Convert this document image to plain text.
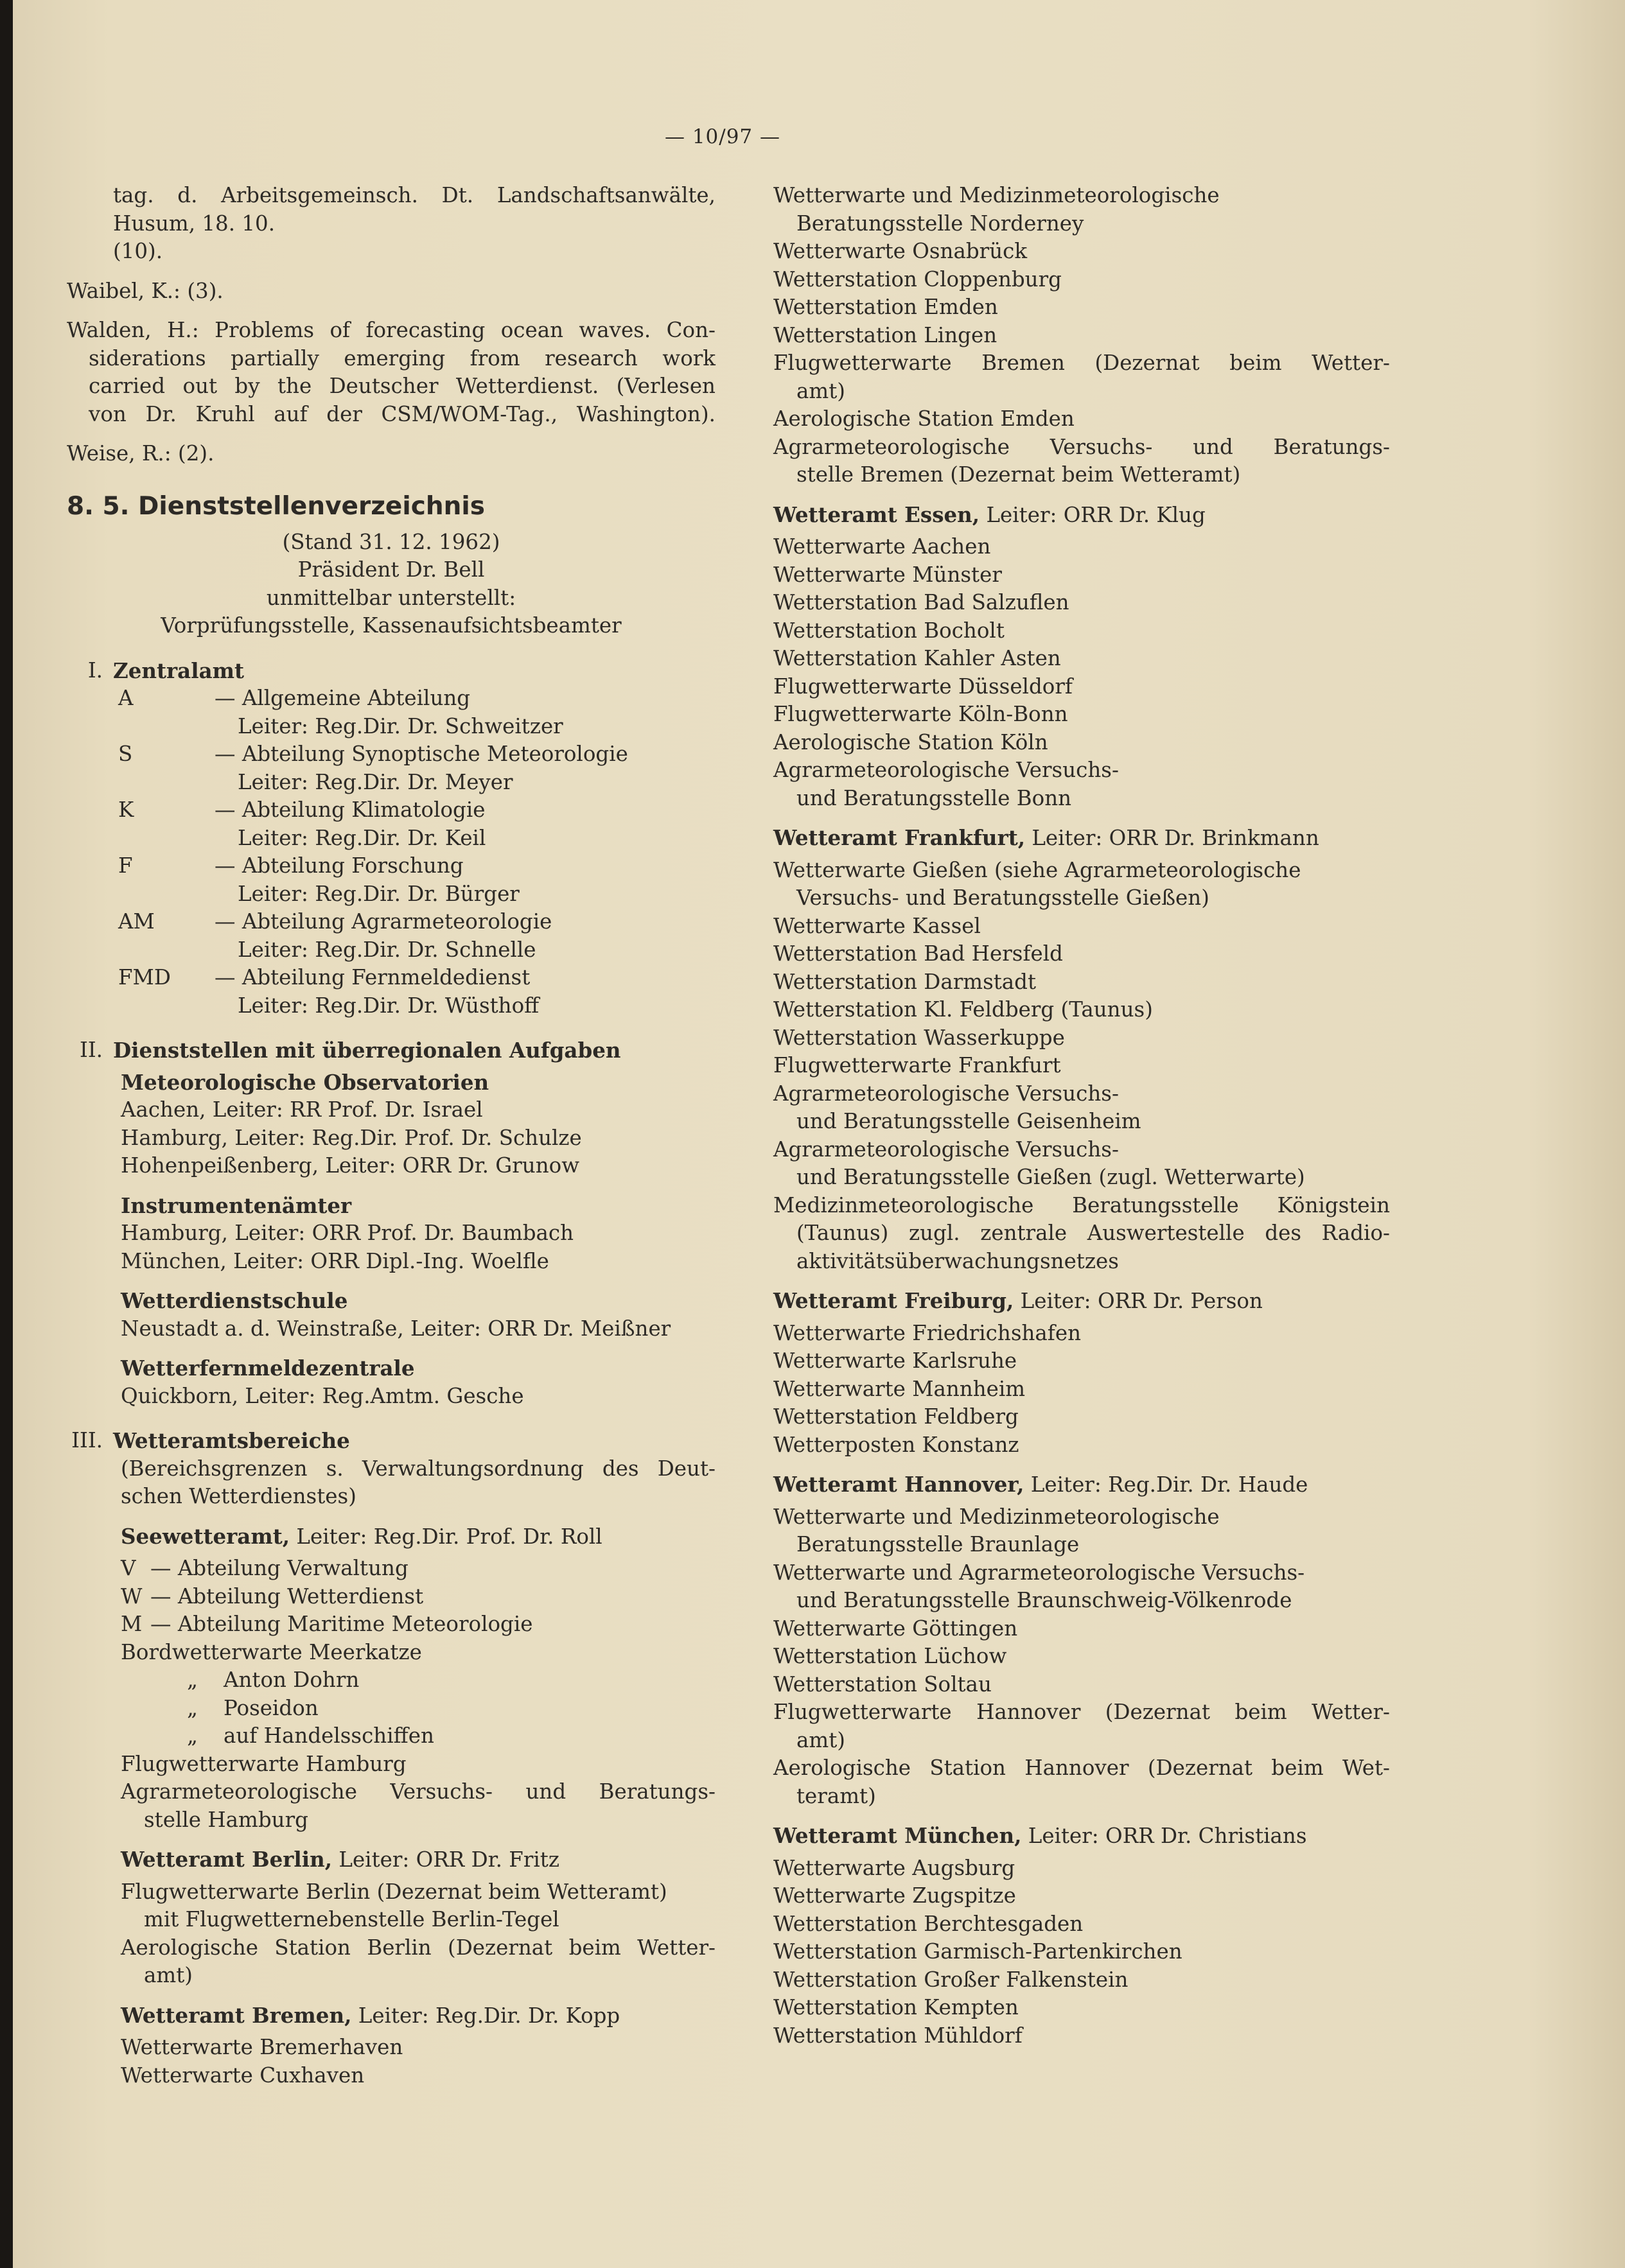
— 10/97 —
tag. d. Arbeitsgemeinsch. Dt. Landschaftsanwälte,
Husum, 18. 10.
(10).
Waibel, K.: (3).
Walden, H.: Problems of forecasting ocean waves. Con-
siderations partially emerging from research work
carried out by the Deutscher Wetterdienst. (Verlesen
von Dr. Kruhl auf der CSM/WOM-Tag., Washington).
Weise, R.: (2).
8. 5. Dienststellenverzeichnis
(Stand 31. 12. 1962)
Präsident Dr. Bell
unmittelbar unterstellt:
Vorprüfungsstelle, Kassenaufsichtsbeamter
I. Zentralamt
A	— Allgemeine Abteilung
Leiter: Reg.Dir. Dr. Schweitzer
S	— Abteilung Synoptische Meteorologie
Leiter: Reg.Dir. Dr. Meyer
K	— Abteilung Klimatologie
Leiter: Reg.Dir. Dr. Keil
F	— Abteilung Forschung
Leiter: Reg.Dir. Dr. Bürger
AM	— Abteilung Agrarmeteorologie
Leiter: Reg.Dir. Dr. Schnelle
FMD	— Abteilung Fernmeldedienst
Leiter: Reg.Dir. Dr. Wüsthoff
II. Dienststellen mit überregionalen Aufgaben
Meteorologische Observatorien
Aachen, Leiter: RR Prof. Dr. Israel
Hamburg, Leiter: Reg.Dir. Prof. Dr. Schulze
Hohenpeißenberg, Leiter: ORR Dr. Grunow
Instrumentenämter
Hamburg, Leiter: ORR Prof. Dr. Baumbach
München, Leiter: ORR Dipl.-Ing. Woelfle
Wetterdienstschule
Neustadt a. d. Weinstraße, Leiter: ORR Dr. Meißner
Wetterfernmeldezentrale
Quickborn, Leiter: Reg.Amtm. Gesche
III. Wetteramtsbereiche
(Bereichsgrenzen s. Verwaltungsordnung des Deut-
schen Wetterdienstes)
Seewetteramt, Leiter: Reg.Dir. Prof. Dr. Roll
V — Abteilung Verwaltung
W — Abteilung Wetterdienst
M — Abteilung Maritime Meteorologie
Bordwetterwarte Meerkatze
„	Anton Dohrn
„	Poseidon
„	auf Handelsschiffen
Flugwetterwarte Hamburg
Agrarmeteorologische Versuchs- und Beratungs-
stelle Hamburg
Wetteramt Berlin, Leiter: ORR Dr. Fritz
Flugwetterwarte Berlin (Dezernat beim Wetteramt)
mit Flugwetternebenstelle Berlin-Tegel
Aerologische Station Berlin (Dezernat beim Wetter-
amt)
Wetteramt Bremen, Leiter: Reg.Dir. Dr. Kopp
Wetterwarte Bremerhaven
Wetterwarte Cuxhaven
Wetterwarte und Medizinmeteorologische
Beratungsstelle Norderney
Wetterwarte Osnabrück
Wetterstation Cloppenburg
Wetterstation Emden
Wetterstation Lingen
Flugwetterwarte Bremen (Dezernat beim Wetter-
amt)
Aerologische Station Emden
Agrarmeteorologische Versuchs- und Beratungs-
stelle Bremen (Dezernat beim Wetteramt)
Wetteramt Essen, Leiter: ORR Dr. Klug
Wetterwarte Aachen
Wetterwarte Münster
Wetterstation Bad Salzuflen
Wetterstation Bocholt
Wetterstation Kahler Asten
Flugwetterwarte Düsseldorf
Flugwetterwarte Köln-Bonn
Aerologische Station Köln
Agrarmeteorologische Versuchs-
und Beratungsstelle Bonn
Wetteramt Frankfurt, Leiter: ORR Dr. Brinkmann
Wetterwarte Gießen (siehe Agrarmeteorologische
Versuchs- und Beratungsstelle Gießen)
Wetterwarte Kassel
Wetterstation Bad Hersfeld
Wetterstation Darmstadt
Wetterstation Kl. Feldberg (Taunus)
Wetterstation Wasserkuppe
Flugwetterwarte Frankfurt
Agrarmeteorologische Versuchs-
und Beratungsstelle Geisenheim
Agrarmeteorologische Versuchs-
und Beratungsstelle Gießen (zugl. Wetterwarte)
Medizinmeteorologische Beratungsstelle Königstein
(Taunus) zugl. zentrale Auswertestelle des Radio-
aktivitätsüberwachungsnetzes
Wetteramt Freiburg, Leiter: ORR Dr. Person
Wetterwarte Friedrichshafen
Wetterwarte Karlsruhe
Wetterwarte Mannheim
Wetterstation Feldberg
Wetterposten Konstanz
Wetteramt Hannover, Leiter: Reg.Dir. Dr. Haude
Wetterwarte und Medizinmeteorologische
Beratungsstelle Braunlage
Wetterwarte und Agrarmeteorologische Versuchs-
und Beratungsstelle Braunschweig-Völkenrode
Wetterwarte Göttingen
Wetterstation Lüchow
Wetterstation Soltau
Flugwetterwarte Hannover (Dezernat beim Wetter-
amt)
Aerologische Station Hannover (Dezernat beim Wet-
teramt)
Wetteramt München, Leiter: ORR Dr. Christians
Wetterwarte Augsburg
Wetterwarte Zugspitze
Wetterstation Berchtesgaden
Wetterstation Garmisch-Partenkirchen
Wetterstation Großer Falkenstein
Wetterstation Kempten
Wetterstation Mühldorf
